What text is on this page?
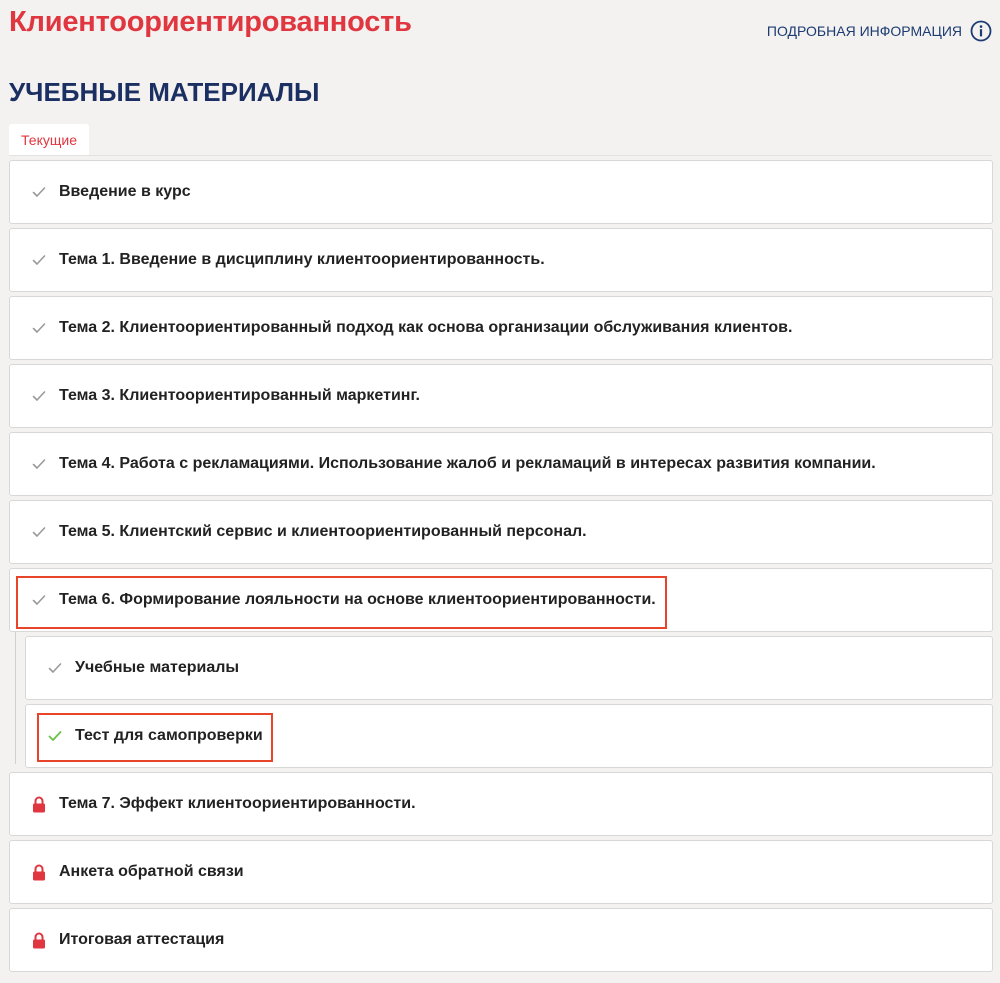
Клиентоориентированность	ПОДРОБНАЯ ИНФОРМАЦИЯ
УЧЕБНЫЕ МАТЕРИАЛЫ
Текущие
Введение в курс
Тема 1. Введение в дисциплину клиентоориентированность.
Тема 2. Клиентоориентированный подход как основа организации обслуживания клиентов.
Тема 3. Клиентоориентированный маркетинг.
Тема 4. Работа с рекламациями. Использование жалоб и рекламаций в интересах развития компании.
Тема 5. Клиентский сервис и клиентоориентированный персонал.
Тема 6. Формирование лояльности на основе клиентоориентированности.
Учебные материалы
Тест для самопроверки
Тема 7. Эффект клиентоориентированности.
Анкета обратной связи
Итоговая аттестация
